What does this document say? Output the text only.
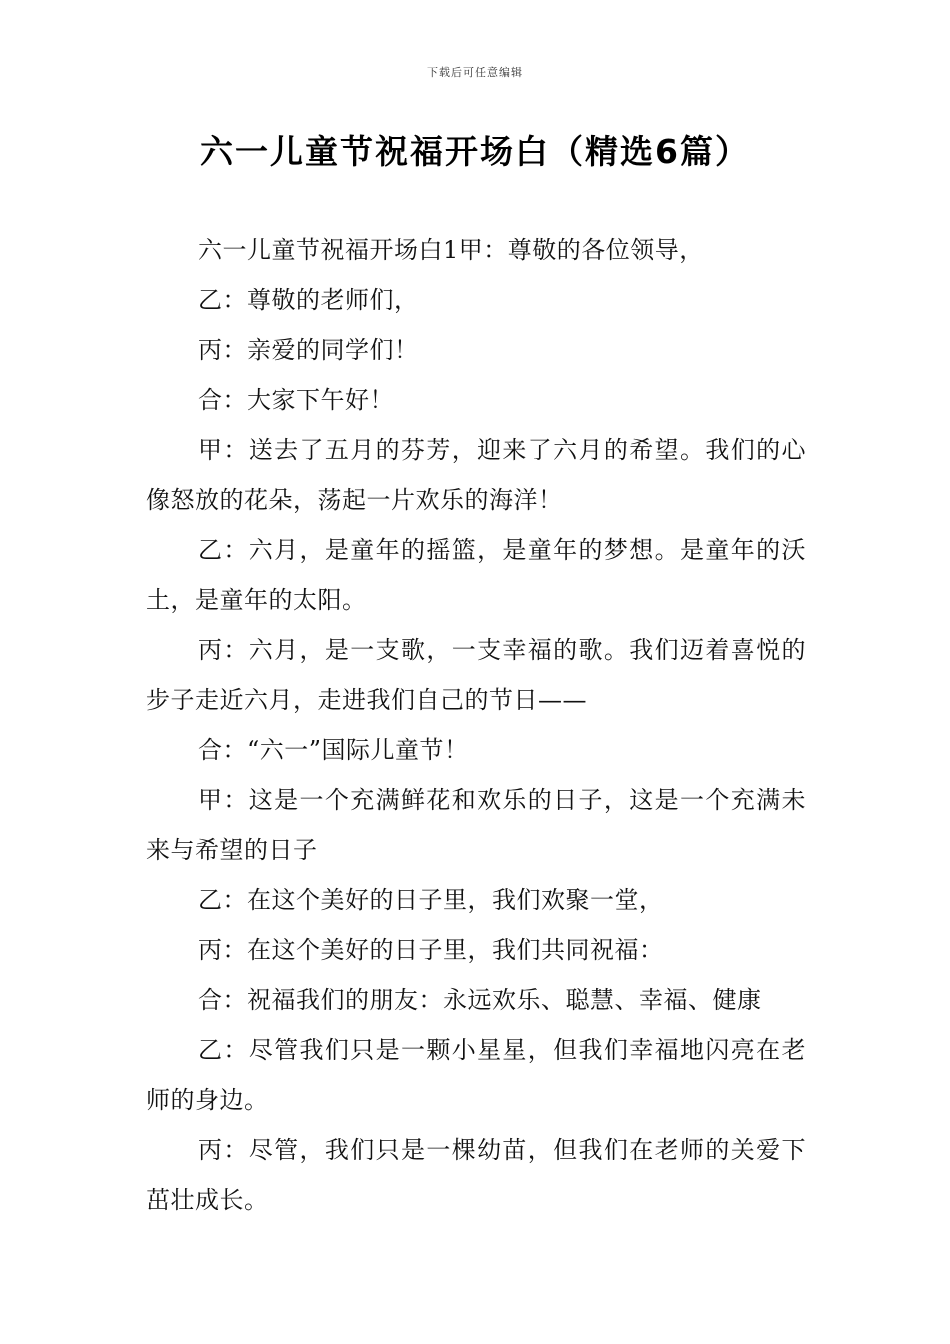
下载后可任意编辑
六一儿童节祝福开场白（精选6篇）

六一儿童节祝福开场白1甲：尊敬的各位领导，

乙：尊敬的老师们，

丙：亲爱的同学们！

合：大家下午好！

甲：送去了五月的芬芳，迎来了六月的希望。我们的心像怒放的花朵，荡起一片欢乐的海洋！

乙：六月，是童年的摇篮，是童年的梦想。是童年的沃土，是童年的太阳。

丙：六月，是一支歌，一支幸福的歌。我们迈着喜悦的步子走近六月，走进我们自己的节日——

合：“六一”国际儿童节！

甲：这是一个充满鲜花和欢乐的日子，这是一个充满未来与希望的日子

乙：在这个美好的日子里，我们欢聚一堂，

丙：在这个美好的日子里，我们共同祝福：

合：祝福我们的朋友：永远欢乐、聪慧、幸福、健康

乙：尽管我们只是一颗小星星，但我们幸福地闪亮在老师的身边。

丙：尽管，我们只是一棵幼苗，但我们在老师的关爱下茁壮成长。
